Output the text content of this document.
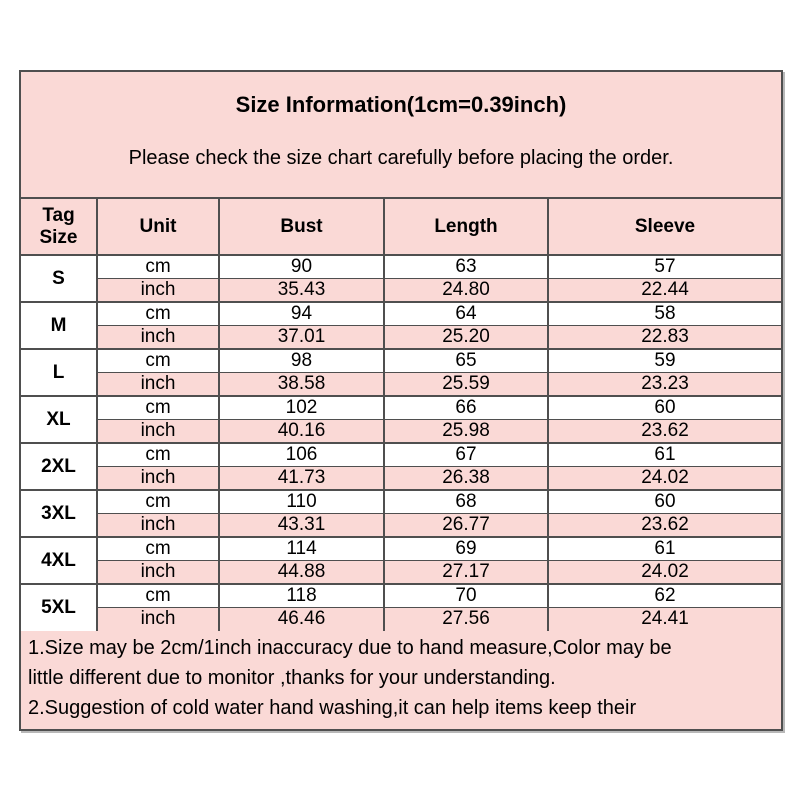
Size Information(1cm=0.39inch)
Please check the size chart carefully before placing the order.
Tag Size	Unit	Bust	Length	Sleeve
S	cm	90	63	57
	inch	35.43	24.80	22.44
M	cm	94	64	58
	inch	37.01	25.20	22.83
L	cm	98	65	59
	inch	38.58	25.59	23.23
XL	cm	102	66	60
	inch	40.16	25.98	23.62
2XL	cm	106	67	61
	inch	41.73	26.38	24.02
3XL	cm	110	68	60
	inch	43.31	26.77	23.62
4XL	cm	114	69	61
	inch	44.88	27.17	24.02
5XL	cm	118	70	62
	inch	46.46	27.56	24.41
1.Size may be 2cm/1inch inaccuracy due to hand measure,Color may be
little different due to monitor ,thanks for your understanding.
2.Suggestion of cold water hand washing,it can help items keep their
